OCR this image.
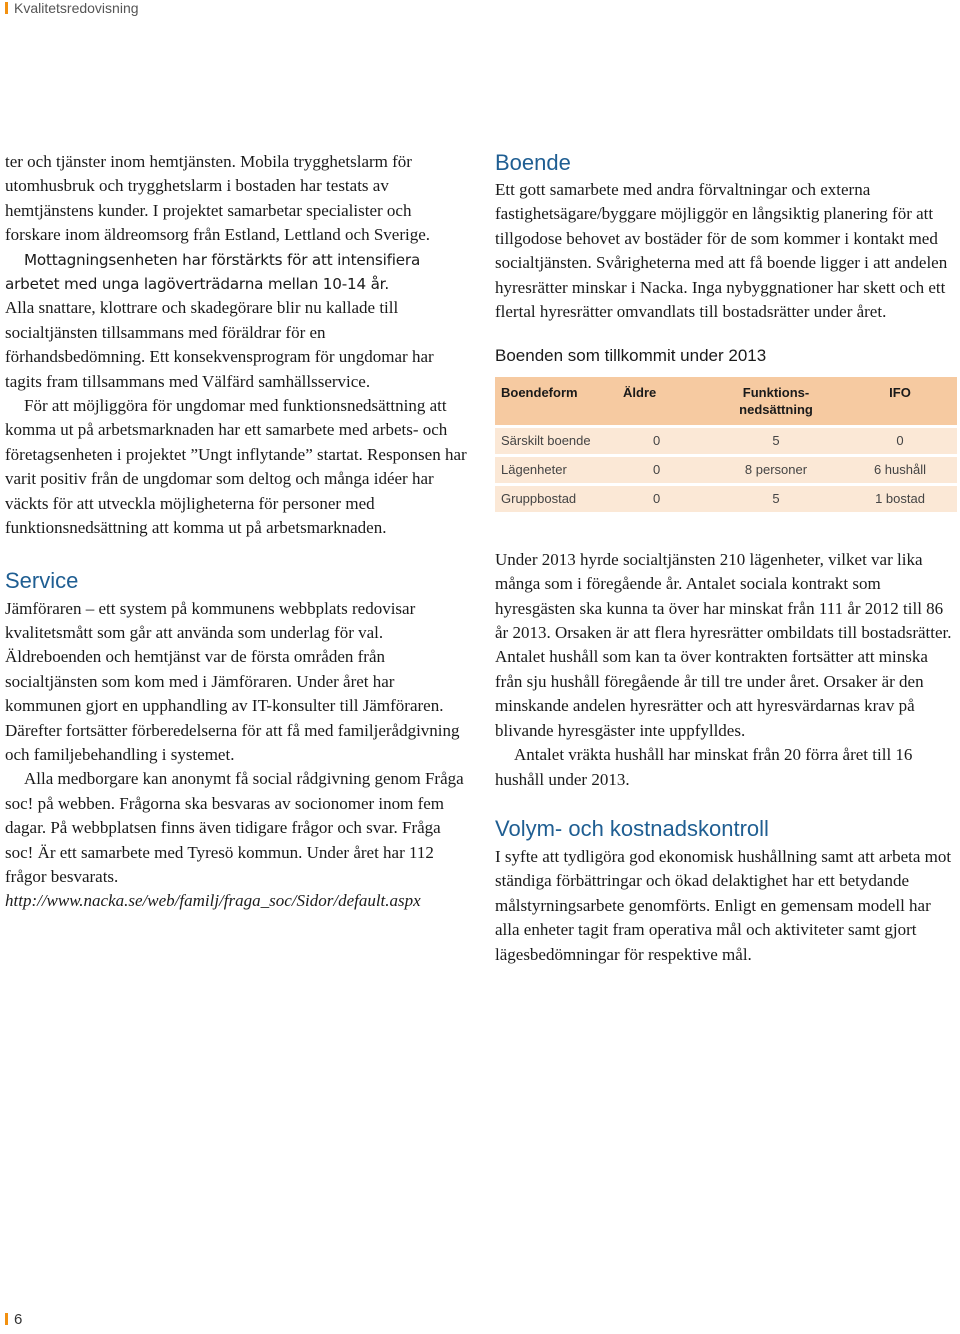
Kvalitetsredovisning

ter och tjänster inom hemtjänsten. Mobila trygghetslarm för utomhusbruk och trygghetslarm i bostaden har testats av hemtjänstens kunder. I projektet samarbetar specialister och forskare inom äldreomsorg från Estland, Lettland och Sverige.

Mottagningsenheten har förstärkts för att intensifiera arbetet med unga lagöverträdarna mellan 10-14 år.

Alla snattare, klottrare och skadegörare blir nu kallade till socialtjänsten tillsammans med föräldrar för en förhandsbedömning. Ett konsekvensprogram för ungdomar har tagits fram tillsammans med Välfärd samhällsservice.

För att möjliggöra för ungdomar med funktionsnedsättning att komma ut på arbetsmarknaden har ett samarbete med arbets- och företagsenheten i projektet ”Ungt inflytande” startat. Responsen har varit positiv från de ungdomar som deltog och många idéer har väckts för att utveckla möjligheterna för personer med funktionsnedsättning att komma ut på arbetsmarknaden.

Service

Jämföraren – ett system på kommunens webbplats redovisar kvalitetsmått som går att använda som underlag för val. Äldreboenden och hemtjänst var de första områden från socialtjänsten som kom med i Jämföraren. Under året har kommunen gjort en upphandling av IT-konsulter till Jämföraren. Därefter fortsätter förberedelserna för att få med familjerådgivning och familjebehandling i systemet.

Alla medborgare kan anonymt få social rådgivning genom Fråga soc! på webben. Frågorna ska besvaras av socionomer inom fem dagar. På webbplatsen finns även tidigare frågor och svar. Fråga soc! Är ett samarbete med Tyresö kommun. Under året har 112 frågor besvarats.

http://www.nacka.se/web/familj/fraga_soc/Sidor/default.aspx

Boende

Ett gott samarbete med andra förvaltningar och externa fastighetsägare/byggare möjliggör en långsiktig planering för att tillgodose behovet av bostäder för de som kommer i kontakt med socialtjänsten. Svårigheterna med att få boende ligger i att andelen hyresrätter minskar i Nacka. Inga nybyggnationer har skett och ett flertal hyresrätter omvandlats till bostadsrätter under året.

Boenden som tillkommit under 2013

Boendeform	Äldre	Funktions-nedsättning	IFO
Särskilt boende	0	5	0
Lägenheter	0	8 personer	6 hushåll
Gruppbostad	0	5	1 bostad

Under 2013 hyrde socialtjänsten 210 lägenheter, vilket var lika många som i föregående år. Antalet sociala kontrakt som hyresgästen ska kunna ta över har minskat från 111 år 2012 till 86 år 2013. Orsaken är att flera hyresrätter ombildats till bostadsrätter. Antalet hushåll som kan ta över kontrakten fortsätter att minska från sju hushåll föregående år till tre under året. Orsaker är den minskande andelen hyresrätter och att hyresvärdarnas krav på blivande hyresgäster inte uppfylldes.

Antalet vräkta hushåll har minskat från 20 förra året till 16 hushåll under 2013.

Volym- och kostnadskontroll

I syfte att tydligöra god ekonomisk hushållning samt att arbeta mot ständiga förbättringar och ökad delaktighet har ett betydande målstyrningsarbete genomförts. Enligt en gemensam modell har alla enheter tagit fram operativa mål och aktiviteter samt gjort lägesbedömningar för respektive mål.

6
